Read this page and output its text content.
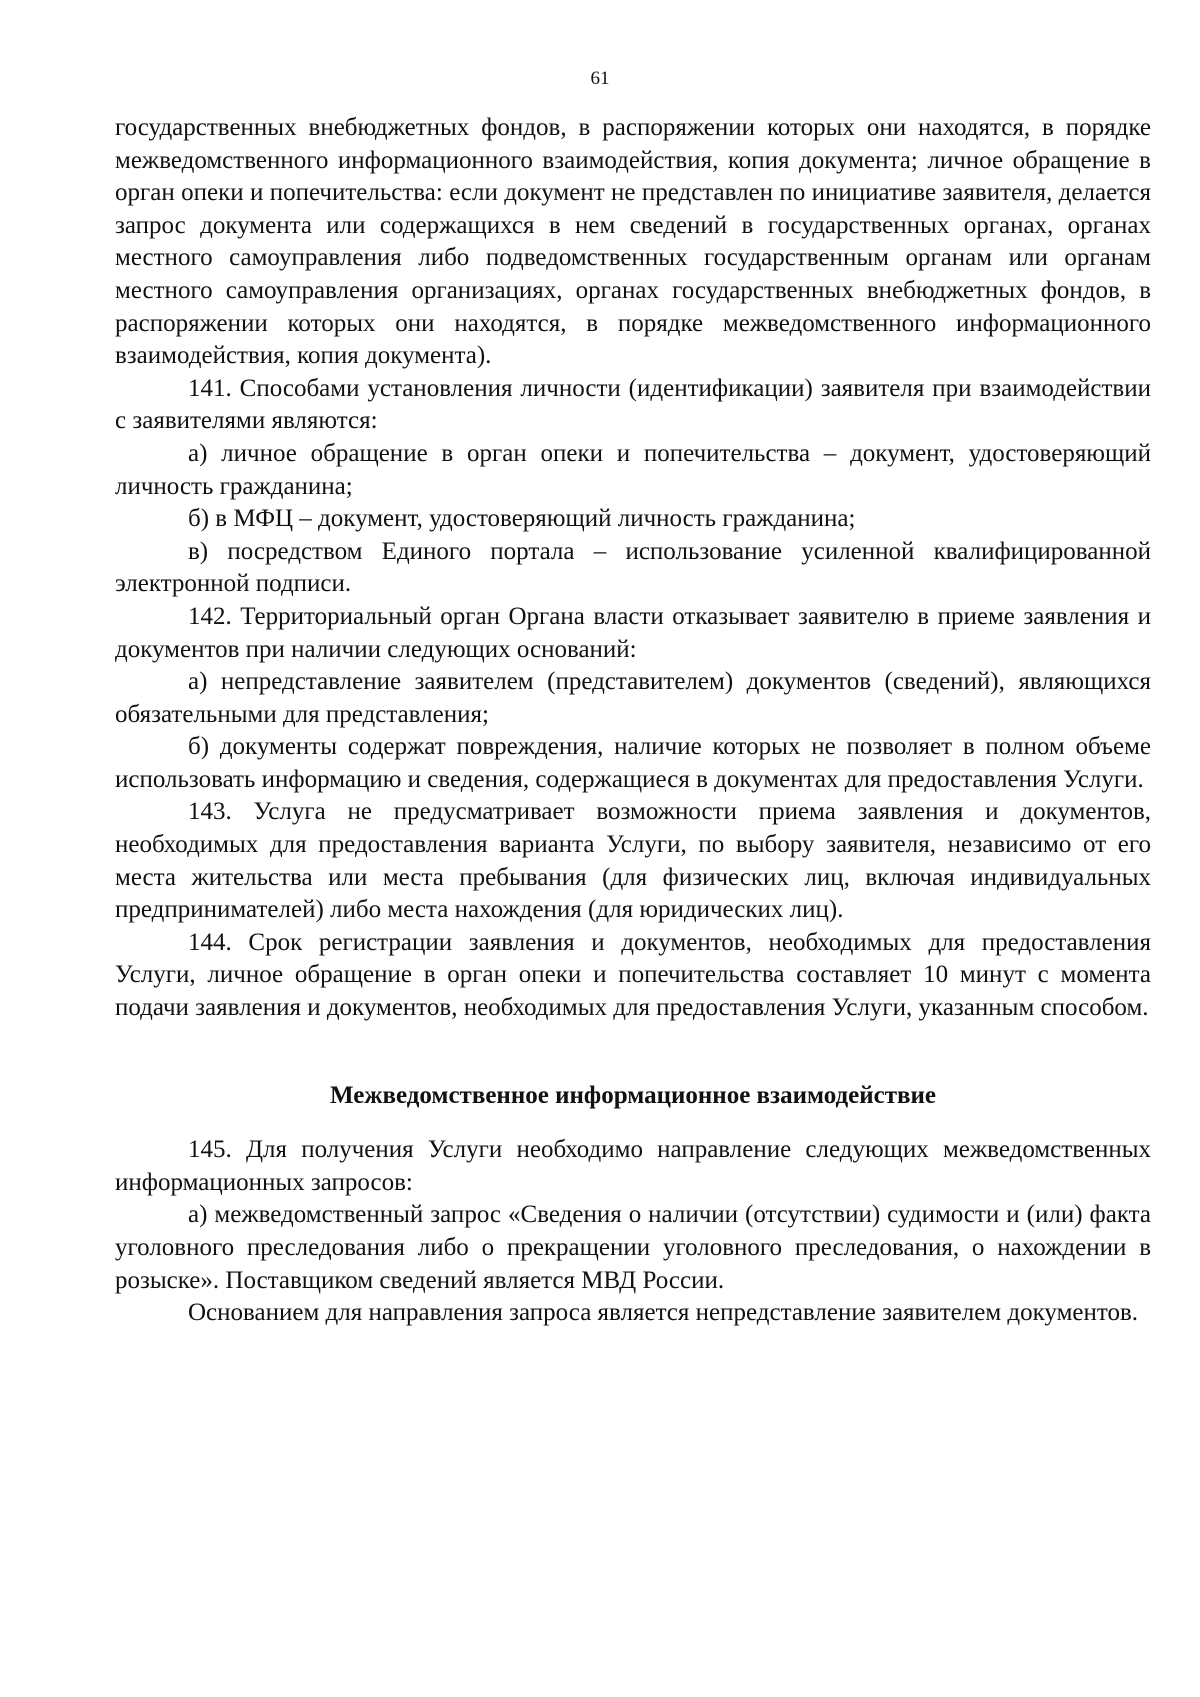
61

государственных внебюджетных фондов, в распоряжении которых они находятся, в порядке межведомственного информационного взаимодействия, копия документа; личное обращение в орган опеки и попечительства: если документ не представлен по инициативе заявителя, делается запрос документа или содержащихся в нем сведений в государственных органах, органах местного самоуправления либо подведомственных государственным органам или органам местного самоуправления организациях, органах государственных внебюджетных фондов, в распоряжении которых они находятся, в порядке межведомственного информационного взаимодействия, копия документа).

141. Способами установления личности (идентификации) заявителя при взаимодействии с заявителями являются:

а) личное обращение в орган опеки и попечительства – документ, удостоверяющий личность гражданина;

б) в МФЦ – документ, удостоверяющий личность гражданина;

в) посредством Единого портала – использование усиленной квалифицированной электронной подписи.

142. Территориальный орган Органа власти отказывает заявителю в приеме заявления и документов при наличии следующих оснований:

а) непредставление заявителем (представителем) документов (сведений), являющихся обязательными для представления;

б) документы содержат повреждения, наличие которых не позволяет в полном объеме использовать информацию и сведения, содержащиеся в документах для предоставления Услуги.

143. Услуга не предусматривает возможности приема заявления и документов, необходимых для предоставления варианта Услуги, по выбору заявителя, независимо от его места жительства или места пребывания (для физических лиц, включая индивидуальных предпринимателей) либо места нахождения (для юридических лиц).

144. Срок регистрации заявления и документов, необходимых для предоставления Услуги, личное обращение в орган опеки и попечительства составляет 10 минут с момента подачи заявления и документов, необходимых для предоставления Услуги, указанным способом.

Межведомственное информационное взаимодействие

145. Для получения Услуги необходимо направление следующих межведомственных информационных запросов:

а) межведомственный запрос «Сведения о наличии (отсутствии) судимости и (или) факта уголовного преследования либо о прекращении уголовного преследования, о нахождении в розыске». Поставщиком сведений является МВД России.

Основанием для направления запроса является непредставление заявителем документов.
